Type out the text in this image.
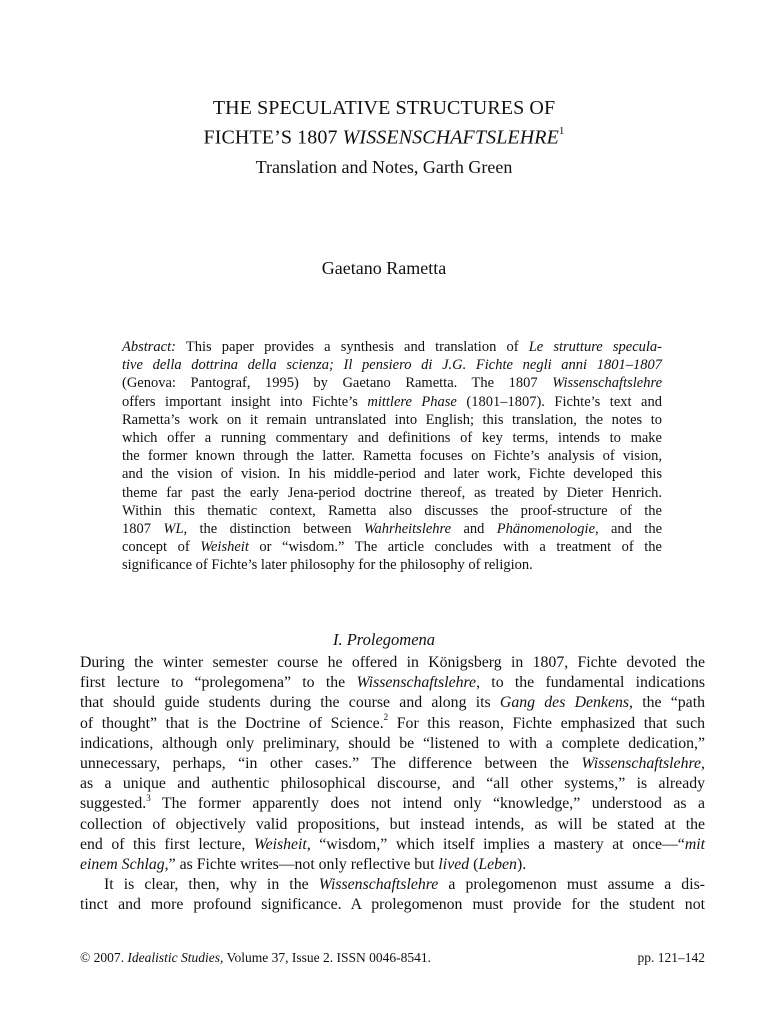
THE SPECULATIVE STRUCTURES OF
FICHTE’S 1807 WISSENSCHAFTSLEHRE$^1$
Translation and Notes, Garth Green
Gaetano Rametta
Abstract: This paper provides a synthesis and translation of Le strutture specula-
tive della dottrina della scienza; Il pensiero di J.G. Fichte negli anni 1801–1807
(Genova: Pantograf, 1995) by Gaetano Rametta. The 1807 Wissenschaftslehre
offers important insight into Fichte’s mittlere Phase (1801–1807). Fichte’s text and
Rametta’s work on it remain untranslated into English; this translation, the notes to
which offer a running commentary and definitions of key terms, intends to make
the former known through the latter. Rametta focuses on Fichte’s analysis of vision,
and the vision of vision. In his middle-period and later work, Fichte developed this
theme far past the early Jena-period doctrine thereof, as treated by Dieter Henrich.
Within this thematic context, Rametta also discusses the proof-structure of the
1807 WL, the distinction between Wahrheitslehre and Phänomenologie, and the
concept of Weisheit or “wisdom.” The article concludes with a treatment of the
significance of Fichte’s later philosophy for the philosophy of religion.
I. Prolegomena
During the winter semester course he offered in Königsberg in 1807, Fichte devoted the
first lecture to “prolegomena” to the Wissenschaftslehre, to the fundamental indications
that should guide students during the course and along its Gang des Denkens, the “path
of thought” that is the Doctrine of Science.$^2$ For this reason, Fichte emphasized that such
indications, although only preliminary, should be “listened to with a complete dedication,”
unnecessary, perhaps, “in other cases.” The difference between the Wissenschaftslehre,
as a unique and authentic philosophical discourse, and “all other systems,” is already
suggested.$^3$ The former apparently does not intend only “knowledge,” understood as a
collection of objectively valid propositions, but instead intends, as will be stated at the
end of this first lecture, Weisheit, “wisdom,” which itself implies a mastery at once—“mit
einem Schlag,” as Fichte writes—not only reflective but lived (Leben).
It is clear, then, why in the Wissenschaftslehre a prolegomenon must assume a dis-
tinct and more profound significance. A prolegomenon must provide for the student not
© 2007. Idealistic Studies, Volume 37, Issue 2. ISSN 0046-8541.	pp. 121–142
